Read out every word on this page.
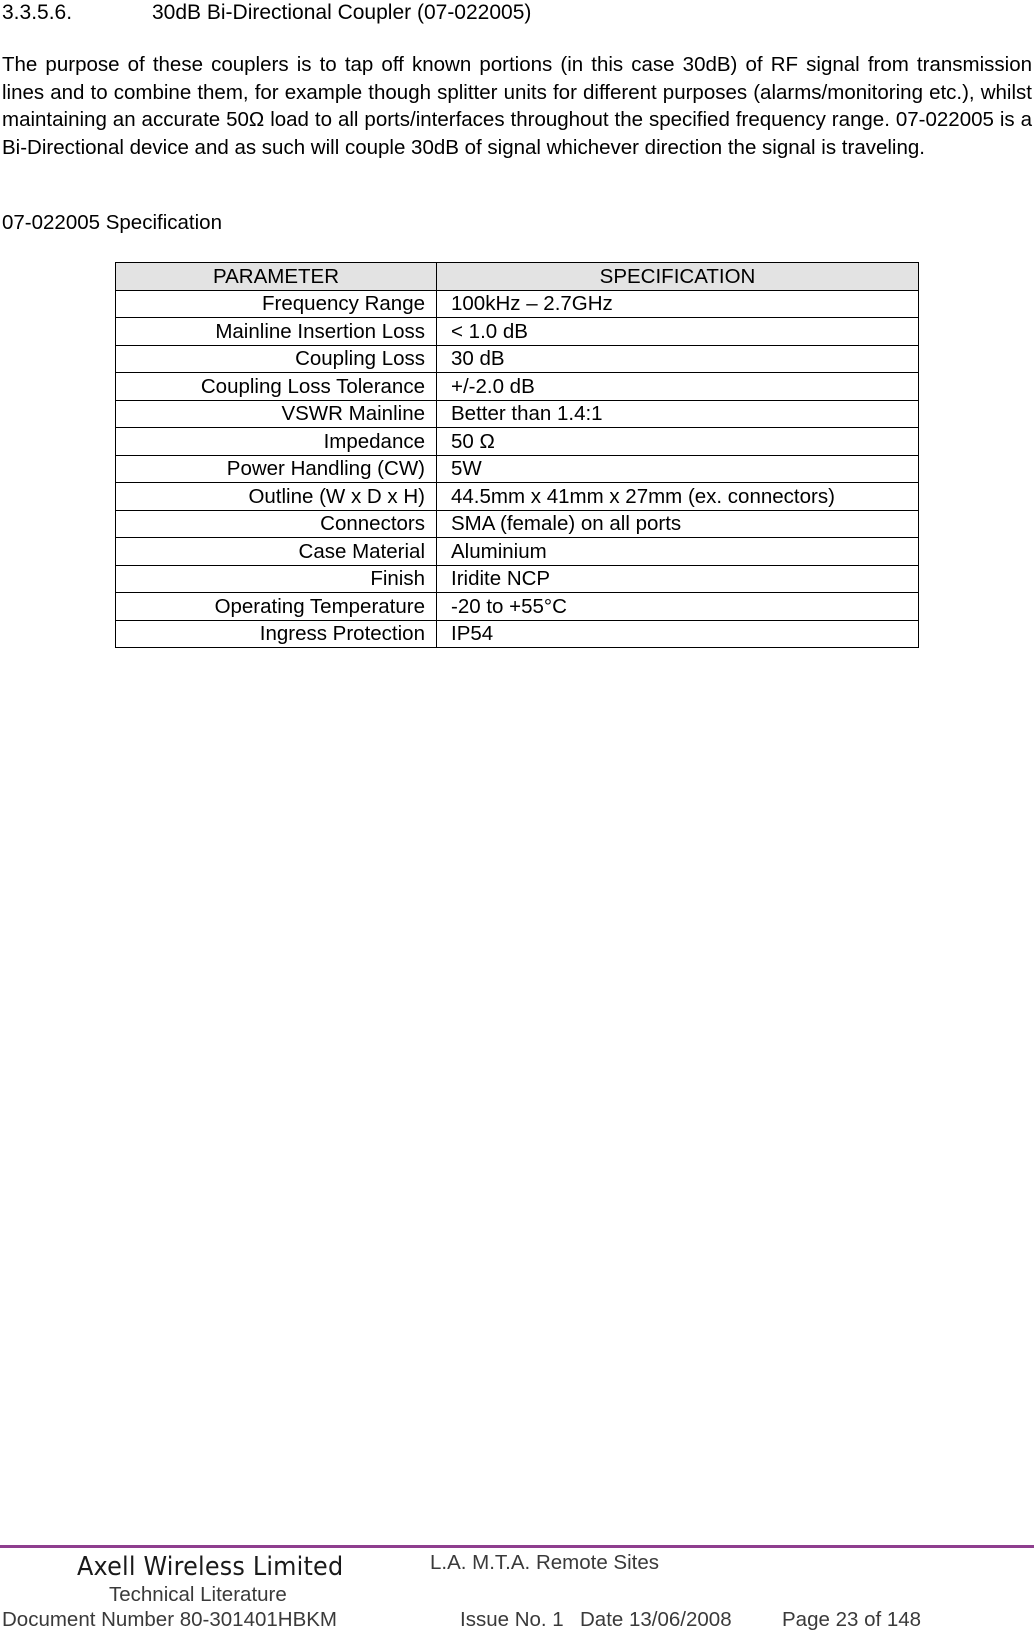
3.3.5.6.	30dB Bi-Directional Coupler (07-022005)

The purpose of these couplers is to tap off known portions (in this case 30dB) of RF signal from transmission lines and to combine them, for example though splitter units for different purposes (alarms/monitoring etc.), whilst maintaining an accurate 50Ω load to all ports/interfaces throughout the specified frequency range. 07-022005 is a Bi-Directional device and as such will couple 30dB of signal whichever direction the signal is traveling.

07-022005 Specification
PARAMETER	SPECIFICATION
Frequency Range	100kHz – 2.7GHz
Mainline Insertion Loss	< 1.0 dB
Coupling Loss	30 dB
Coupling Loss Tolerance	+/-2.0 dB
VSWR Mainline	Better than 1.4:1
Impedance	50 Ω
Power Handling (CW)	5W
Outline (W x D x H)	44.5mm x 41mm x 27mm (ex. connectors)
Connectors	SMA (female) on all ports
Case Material	Aluminium
Finish	Iridite NCP
Operating Temperature	-20 to +55°C
Ingress Protection	IP54
Axell Wireless Limited	L.A. M.T.A. Remote Sites
Technical Literature
Document Number 80-301401HBKM	Issue No. 1 Date 13/06/2008 Page 23 of 148
